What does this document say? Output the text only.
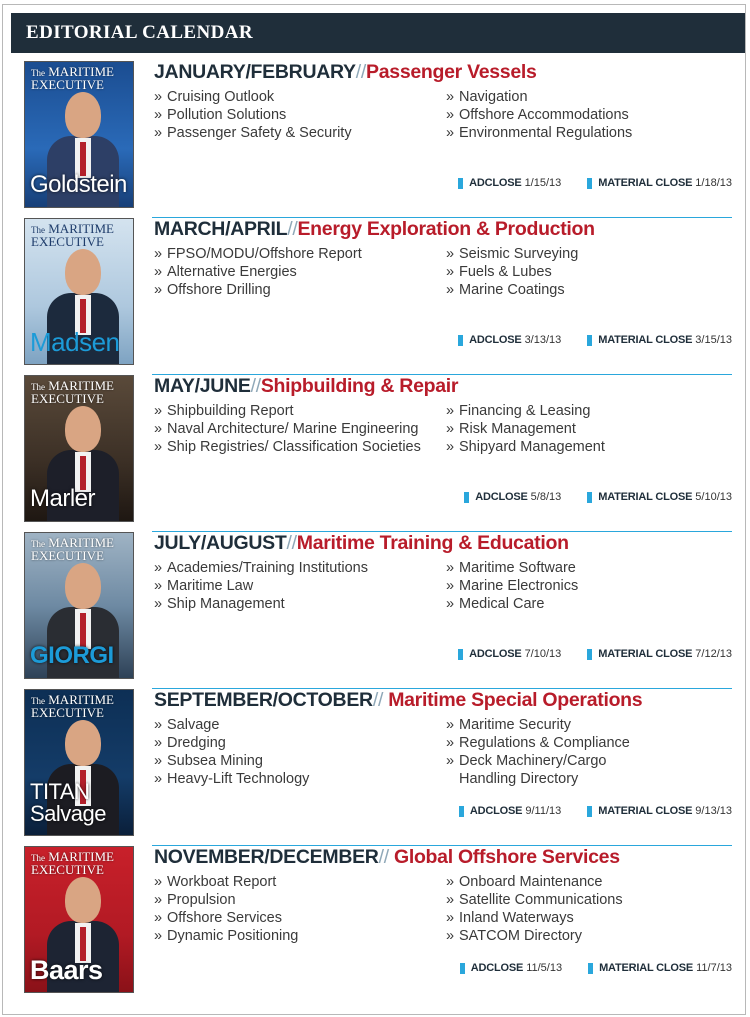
EDITORIAL CALENDAR
The MARITIME
EXECUTIVE
Goldstein
JANUARY/FEBRUARY//Passenger Vessels
» Cruising Outlook
» Pollution Solutions
» Passenger Safety & Security
» Navigation
» Offshore Accommodations
» Environmental Regulations
ADCLOSE 1/15/13	MATERIAL CLOSE 1/18/13
The MARITIME
EXECUTIVE
Madsen
MARCH/APRIL//Energy Exploration & Production
» FPSO/MODU/Offshore Report
» Alternative Energies
» Offshore Drilling
» Seismic Surveying
» Fuels & Lubes
» Marine Coatings
ADCLOSE 3/13/13	MATERIAL CLOSE 3/15/13
The MARITIME
EXECUTIVE
Marler
MAY/JUNE//Shipbuilding & Repair
» Shipbuilding Report
» Naval Architecture/ Marine Engineering
» Ship Registries/ Classification Societies
» Financing & Leasing
» Risk Management
» Shipyard Management
ADCLOSE 5/8/13	MATERIAL CLOSE 5/10/13
The MARITIME
EXECUTIVE
GIORGI
JULY/AUGUST//Maritime Training & Education
» Academies/Training Institutions
» Maritime Law
» Ship Management
» Maritime Software
» Marine Electronics
» Medical Care
ADCLOSE 7/10/13	MATERIAL CLOSE 7/12/13
The MARITIME
EXECUTIVE
TITAN Salvage
SEPTEMBER/OCTOBER// Maritime Special Operations
» Salvage
» Dredging
» Subsea Mining
» Heavy-Lift Technology
» Maritime Security
» Regulations & Compliance
» Deck Machinery/Cargo
Handling Directory
ADCLOSE 9/11/13	MATERIAL CLOSE 9/13/13
The MARITIME
EXECUTIVE
Baars
NOVEMBER/DECEMBER// Global Offshore Services
» Workboat Report
» Propulsion
» Offshore Services
» Dynamic Positioning
» Onboard Maintenance
» Satellite Communications
» Inland Waterways
» SATCOM Directory
ADCLOSE 11/5/13	MATERIAL CLOSE 11/7/13
